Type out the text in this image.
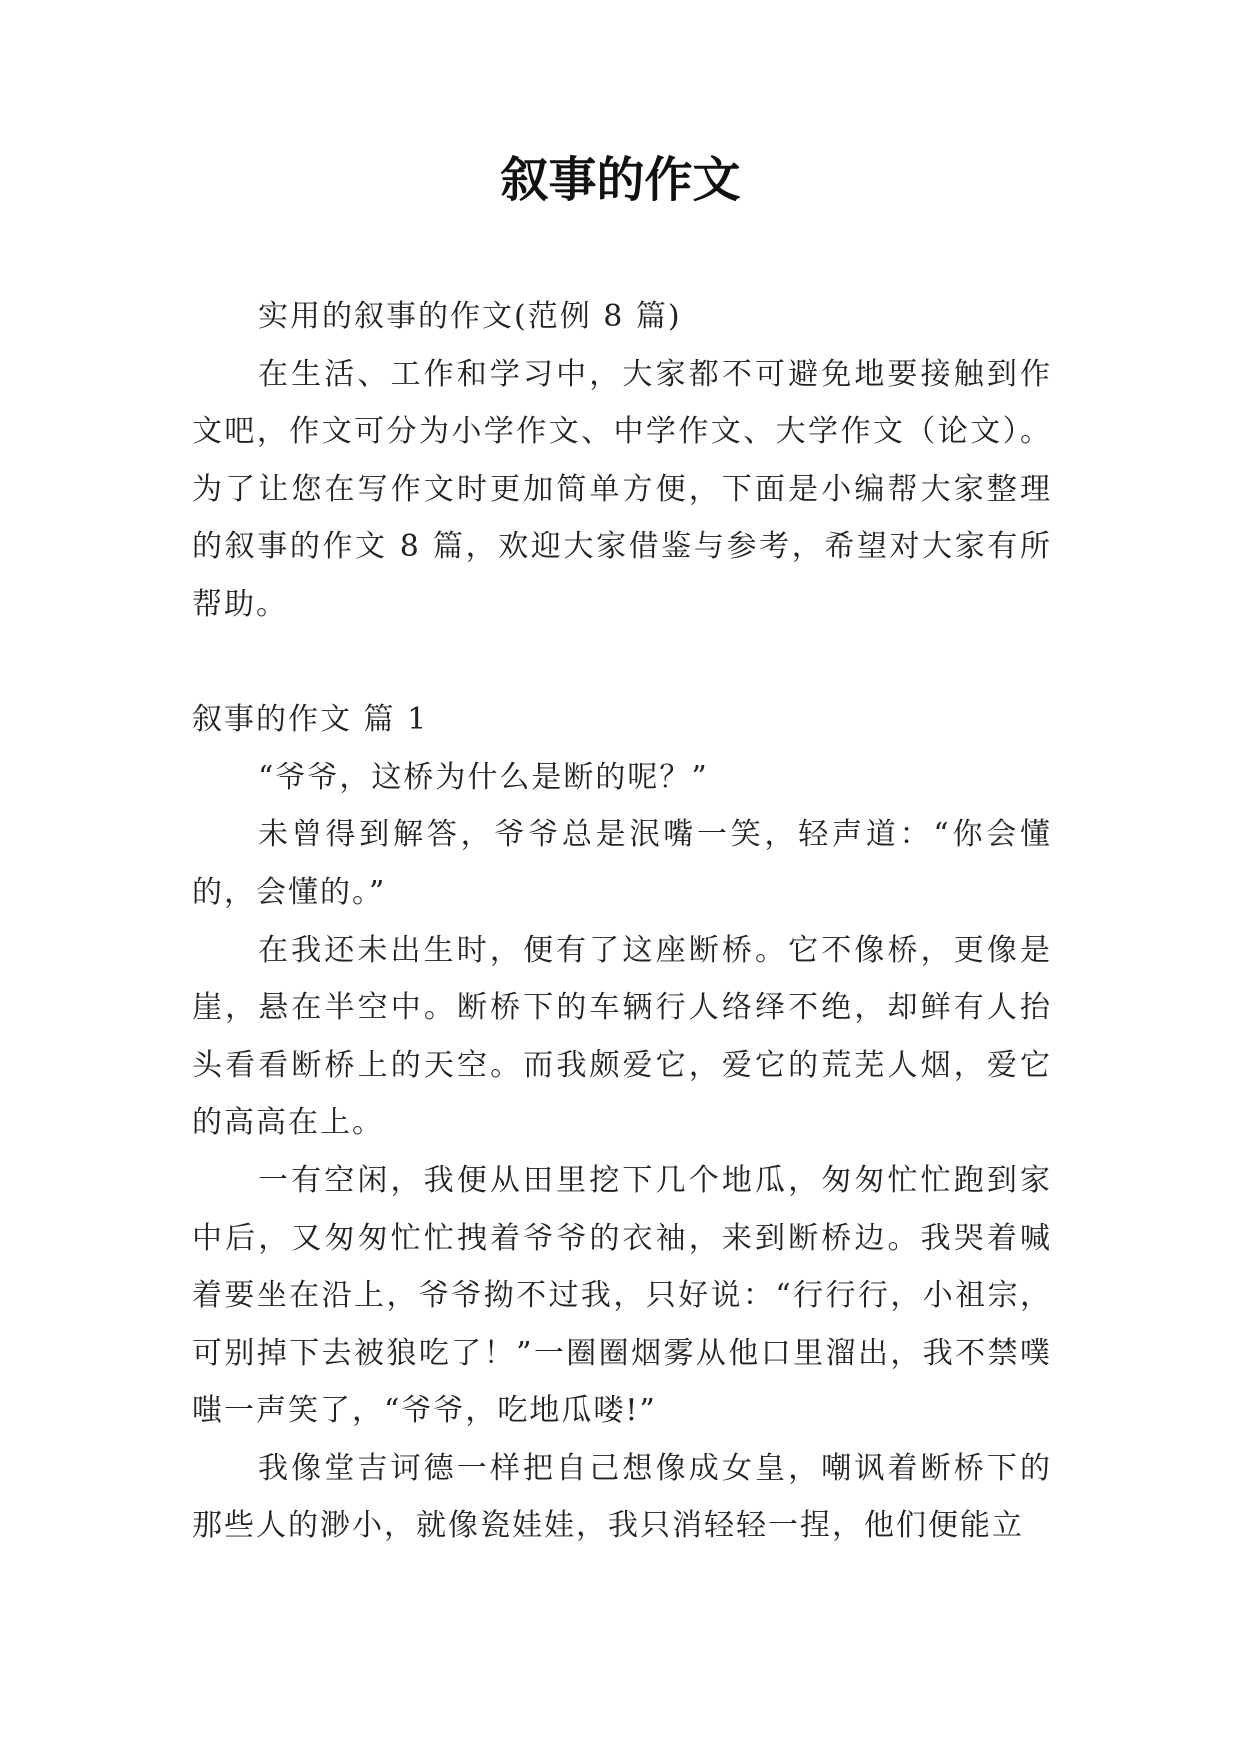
叙事的作文

实用的叙事的作文(范例 8 篇)

在生活、工作和学习中，大家都不可避免地要接触到作文吧，作文可分为小学作文、中学作文、大学作文（论文）。为了让您在写作文时更加简单方便，下面是小编帮大家整理的叙事的作文 8 篇，欢迎大家借鉴与参考，希望对大家有所帮助。

叙事的作文 篇 1

“爷爷，这桥为什么是断的呢？”

未曾得到解答，爷爷总是泯嘴一笑，轻声道：“你会懂的，会懂的。”

在我还未出生时，便有了这座断桥。它不像桥，更像是崖，悬在半空中。断桥下的车辆行人络绎不绝，却鲜有人抬头看看断桥上的天空。而我颇爱它，爱它的荒芜人烟，爱它的高高在上。

一有空闲，我便从田里挖下几个地瓜，匆匆忙忙跑到家中后，又匆匆忙忙拽着爷爷的衣袖，来到断桥边。我哭着喊着要坐在沿上，爷爷拗不过我，只好说：“行行行，小祖宗，可别掉下去被狼吃了！”一圈圈烟雾从他口里溜出，我不禁噗嗤一声笑了，“爷爷，吃地瓜喽!”

我像堂吉诃德一样把自己想像成女皇，嘲讽着断桥下的那些人的渺小，就像瓷娃娃，我只消轻轻一捏，他们便能立
